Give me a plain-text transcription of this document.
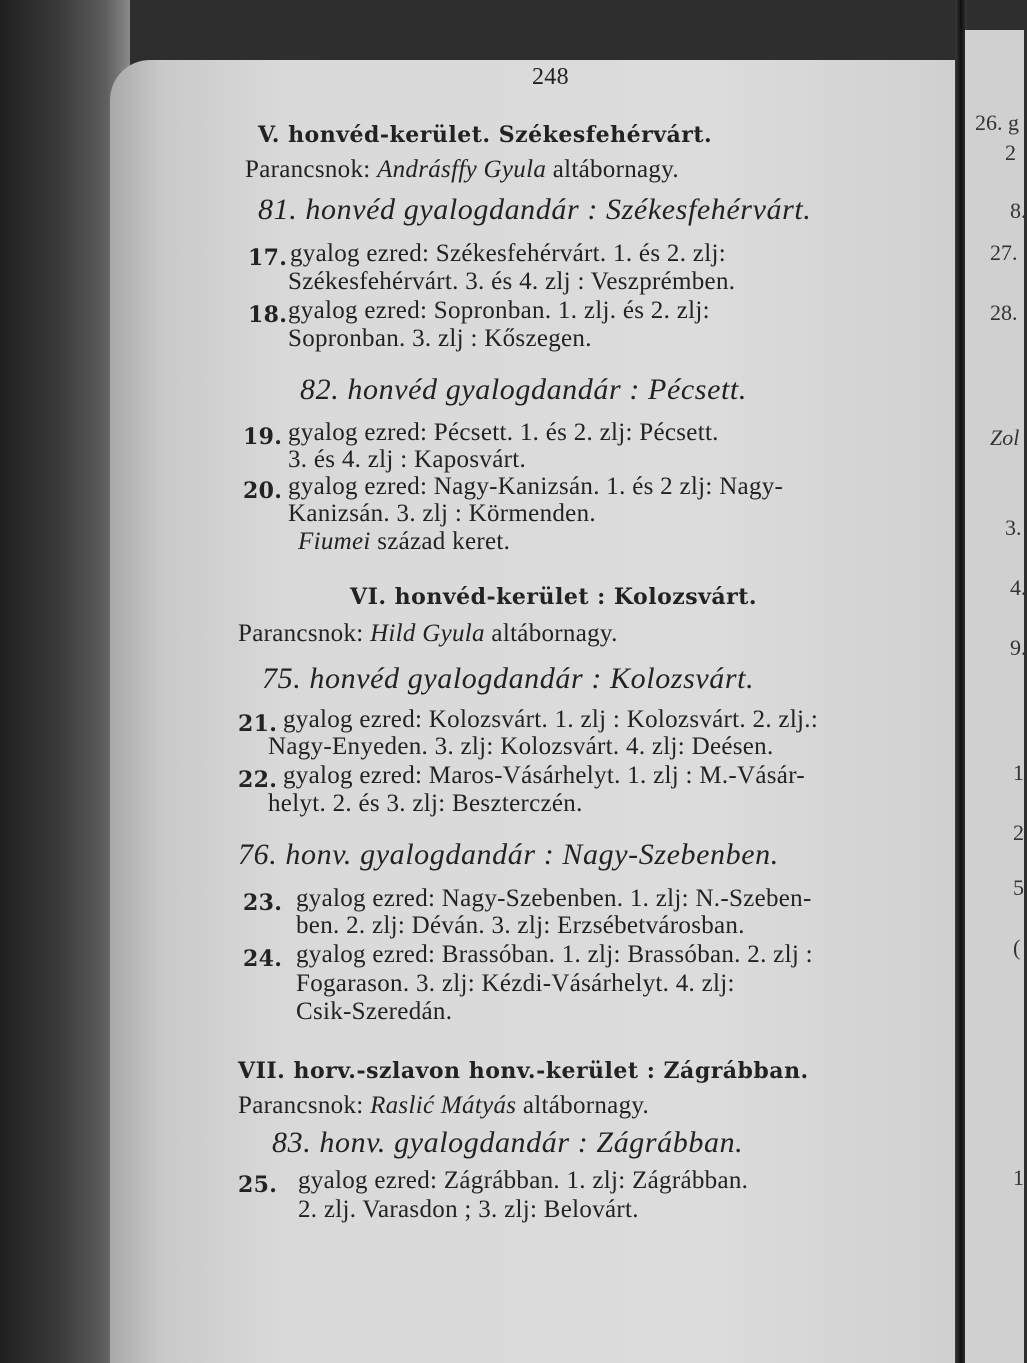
26. g
2
8.
27.
28.
Zol
3.
4.
9.
1
2
5
(
1
248
V. honvéd-kerület. Székesfehérvárt.
Parancsnok: Andrásffy Gyula altábornagy.
81. honvéd gyalogdandár : Székesfehérvárt.
17. gyalog ezred: Székesfehérvárt. 1. és 2. zlj:
Székesfehérvárt. 3. és 4. zlj : Veszprémben.
18. gyalog ezred: Sopronban. 1. zlj. és 2. zlj:
Sopronban. 3. zlj : Kőszegen.
82. honvéd gyalogdandár : Pécsett.
19. gyalog ezred: Pécsett. 1. és 2. zlj: Pécsett.
3. és 4. zlj : Kaposvárt.
20. gyalog ezred: Nagy-Kanizsán. 1. és 2 zlj: Nagy-
Kanizsán. 3. zlj : Körmenden.
Fiumei század keret.
VI. honvéd-kerület : Kolozsvárt.
Parancsnok: Hild Gyula altábornagy.
75. honvéd gyalogdandár : Kolozsvárt.
21. gyalog ezred: Kolozsvárt. 1. zlj : Kolozsvárt. 2. zlj.:
Nagy-Enyeden. 3. zlj: Kolozsvárt. 4. zlj: Deésen.
22. gyalog ezred: Maros-Vásárhelyt. 1. zlj : M.-Vásár-
helyt. 2. és 3. zlj: Beszterczén.
76. honv. gyalogdandár : Nagy-Szebenben.
23. gyalog ezred: Nagy-Szebenben. 1. zlj: N.-Szeben-
ben. 2. zlj: Déván. 3. zlj: Erzsébetvárosban.
24. gyalog ezred: Brassóban. 1. zlj: Brassóban. 2. zlj :
Fogarason. 3. zlj: Kézdi-Vásárhelyt. 4. zlj:
Csik-Szeredán.
VII. horv.-szlavon honv.-kerület : Zágrábban.
Parancsnok: Raslić Mátyás altábornagy.
83. honv. gyalogdandár : Zágrábban.
25. gyalog ezred: Zágrábban. 1. zlj: Zágrábban.
2. zlj. Varasdon ; 3. zlj: Belovárt.
